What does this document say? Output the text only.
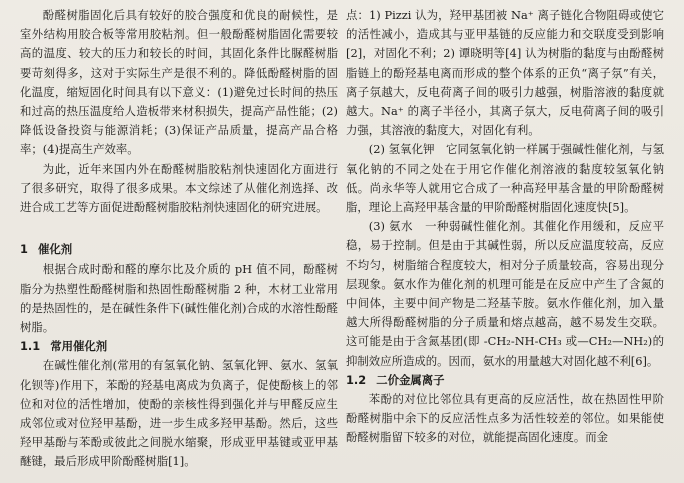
酚醛树脂固化后具有较好的胶合强度和优良的耐候性，是室外结构用胶合板等常用胶粘剂。但一般酚醛树脂固化需要较高的温度、较大的压力和较长的时间，其固化条件比脲醛树脂要苛刻得多，这对于实际生产是很不利的。降低酚醛树脂的固化温度，缩短固化时间具有以下意义：(1)避免过长时间的热压和过高的热压温度给人造板带来材积损失，提高产品性能；(2)降低设备投资与能源消耗；(3)保证产品质量，提高产品合格率；(4)提高生产效率。

为此，近年来国内外在酚醛树脂胶粘剂快速固化方面进行了很多研究，取得了很多成果。本文综述了从催化剂选择、改进合成工艺等方面促进酚醛树脂胶粘剂快速固化的研究进展。

1 催化剂

根据合成时酚和醛的摩尔比及介质的 pH 值不同，酚醛树脂分为热塑性酚醛树脂和热固性酚醛树脂 2 种，木材工业常用的是热固性的，是在碱性条件下(碱性催化剂)合成的水溶性酚醛树脂。

1.1 常用催化剂

在碱性催化剂(常用的有氢氧化钠、氢氧化钾、氨水、氢氧化钡等)作用下，苯酚的羟基电离成为负离子，促使酚核上的邻位和对位的活性增加，使酚的亲核性得到强化并与甲醛反应生成邻位或对位羟甲基酚，进一步生成多羟甲基酚。然后，这些羟甲基酚与苯酚或彼此之间脱水缩聚，形成亚甲基键或亚甲基醚键，最后形成甲阶酚醛树脂[1]。

点：1) Pizzi 认为，羟甲基团被 Na⁺ 离子链化合物阻碍或使它的活性减小，造成其与亚甲基链的反应能力和交联度受到影响[2]，对固化不利；2) 谭晓明等[4] 认为树脂的黏度与由酚醛树脂链上的酚羟基电离而形成的整个体系的正负“离子氛”有关，离子氛越大，反电荷离子间的吸引力越强，树脂溶液的黏度就越大。Na⁺ 的离子半径小，其离子氛大，反电荷离子间的吸引力强，其溶液的黏度大，对固化有利。

(2) 氢氧化钾　它同氢氧化钠一样属于强碱性催化剂，与氢氧化钠的不同之处在于用它作催化剂溶液的黏度较氢氧化钠低。尚永华等人就用它合成了一种高羟甲基含量的甲阶酚醛树脂，理论上高羟甲基含量的甲阶酚醛树脂固化速度快[5]。

(3) 氨水　一种弱碱性催化剂。其催化作用缓和，反应平稳，易于控制。但是由于其碱性弱，所以反应温度较高，反应不均匀，树脂缩合程度较大，相对分子质量较高，容易出现分层现象。氨水作为催化剂的机理可能是在反应中产生了含氮的中间体，主要中间产物是二羟基苄胺。氨水作催化剂，加入量越大所得酚醛树脂的分子质量和熔点越高，越不易发生交联。这可能是由于含氮基团(即 -CH₂-NH-CH₃ 或—CH₂—NH₂)的抑制效应所造成的。因而，氨水的用量越大对固化越不利[6]。

1.2 二价金属离子

苯酚的对位比邻位具有更高的反应活性，故在热固性甲阶酚醛树脂中余下的反应活性点多为活性较差的邻位。如果能使酚醛树脂留下较多的对位，就能提高固化速度。而金
